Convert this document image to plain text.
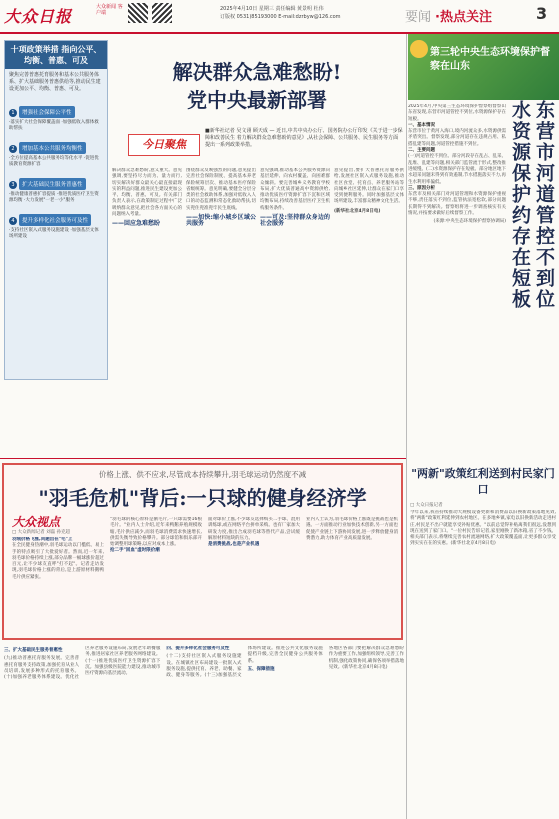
大众日报	大众新闻 客户端
2025年4月10日 星期三 责任编辑 黄景明 杜伟
订版权 0531)85193000 E-mail:dzrbyw@126.com	要闻 ·热点关注	3
十项政策举措 指向公平、均衡、普惠、可及
聚焦完善普惠托育服务和基本公共服务体系、扩大基础服务普惠供给等,推动民生建设更加公平、均衡、普惠、可及。
1 增强社会保障公平性
·落实扩大社会保障覆盖面 ·加强低收入群体救助帮扶
2 增加基本公共服务均衡性
·全方位提高基本公共服务均等化水平 ·促进优质教育资源扩容
3 扩大基础民生服务普惠性
·推动健康普惠扩容提质 ·推进优质医疗卫生资源均衡 ·大力发展"一老一小"服务
4 提升多样化社会服务可及性
·支持社区嵌入式服务设施建设 ·加强基层文体场所建设
解决群众急难愁盼!
党中央最新部署
今日聚焦
■新华社记者 吴文诩 顾天成 — 近日,中共中央办公厅、国务院办公厅印发《关于进一步保障和改善民生 着力解决群众急难愁盼的意见》,从社会保障、公共服务、民生服务等方面提出一系列政策举措。
解决群众急难愁盼,意义重大。意见强调,要坚持尽力而为、量力而行,切实解决好群众最关心最直接最现实的利益问题,推进民生建设更加公平、均衡、普惠、可及。有关部门负责人表示,在政策制定过程中广泛吸纳群众意见,把社会各方面关心的问题纳入考量。
——回应急难愁盼
围绕群众反映强烈的问题,意见提出完善社会保险制度、提高基本养老保险统筹层次、推动基本医疗保险省级统筹。意见明确,要健全分层分类的社会救助体系,加强对低收入人口的动态监测和常态化救助帮扶,切实兜住兜准兜牢民生底线。
——加快:缩小城乡区域公共服务
意见强调,推动基本公共服务资源向基层延伸、向农村覆盖、向困难群众倾斜。要完善城乡义务教育学校布局,扩大优质普通高中资源供给,推动优质医疗资源扩容下沉和区域均衡布局,持续改善基层医疗卫生机构服务条件。
——可及:坚持群众身边的社会服务
意见提出,要扩大普惠托育服务供给,发展社区嵌入式服务设施,推动社区食堂、托育点、养老服务站等向城乡社区延伸,让群众在家门口享受到便利服务。同时加强基层文体场所建设,丰富群众精神文化生活。
(新华社北京4月8日电)
第三轮中央生态环境保护督察在山东
东营市河道管控不到位水资源保护约存在短板
2025年4月,中央第三生态环境保护督察组督察山东省发现,东营市河道管控不到位,水资源保护存在短板。
一、基本情况
东营市位于黄河入海口,境内河流众多,水资源供需矛盾突出。督察发现,部分河道存在违规占用、私搭乱建等问题,河道管控措施不到位。
二、主要问题
(一)河道管控不到位。部分河段存在乱占、乱采、乱堆、乱建等问题,相关部门监管流于形式,整改推进缓慢。(二)水资源保护存在短板。部分地区地下水超采问题未得到有效遏制,节水措施落实不力,再生水利用率偏低。
三、原因分析
东营市及相关部门对河道管理和水资源保护重视不够,责任落实不到位,监管执法宽松软,部分问题长期得不到解决。督察组将进一步调查核实有关情况,并按要求做好后续督察工作。
(来源:中央生态环境保护督察协调局)
价格上涨、供不应求,尽管成本持续攀升,羽毛球运动仍然度不减
"羽毛危机"背后:一只球的健身经济学
大众视点
□ 大众新闻记者 刘磊 孙克超
羽绒价格飞涨,问题出在"毛"上
在全民健身热潮中,羽毛球运动以门槛低、易上手的特点吸引了大批爱好者。然而,近一年来,羽毛球价格持续上涨,部分品牌一桶球涨价超过百元,让不少球友直呼"打不起"。记者走访发现,羽毛球价格上涨的背后,是上游原材料鹅鸭毛片供应紧张。
"羽毛球的核心原料是鹅毛片,一只球需要16根毛片。"业内人士介绍,近年来鸭鹅养殖规模收缩,毛片供应减少,而羽毛球消费需求快速增长,供需失衡导致价格攀升。部分球馆和俱乐部开始调整用球策略,以应对成本上涨。
抢二手"回血"虚时限价潮
面对球价上涨,不少球友选择购买二手球、混用训练球,或在网络平台拼单采购。也有厂家加大研发力度,推出合成羽毛球等替代产品,尝试缓解原材料短缺的压力。
是消费挑战,也是产业机遇
业内人士认为,羽毛球价格上涨既是挑战也是机遇。一方面推动行业加快技术创新,另一方面也促使产业链上下游协同发展,进一步释放健身消费潜力,助力体育产业高质量发展。
"两新"政策红利送到村民家门口
□ 大众日报记者
今年以来,我省持续推动大规模设备更新和消费品以旧换新政策落地见效,将"两新"政策红利延伸到农村地区。在多地乡镇,家电以旧换新活动走进村庄,村民足不出户就能享受补贴优惠。"以前总觉得补贴离我们很远,没想到现在送到了家门口。"一位村民告诉记者,家里刚换了新冰箱,省了不少钱。相关部门表示,将继续完善农村流通网络,扩大政策覆盖面,让更多群众享受到实实在在的实惠。(新华社北京4月8日电)
三、扩大基础民生服务普惠性
(九)推动普惠托育服务发展。完善普惠托育服务支持政策,加强托育从业人员培训,发展多种形式的托育服务。(十)加强养老服务体系建设。优化社区养老服务设施布局,发展老年助餐服务,推进居家社区养老服务网络建设。(十一)推进优质医疗卫生资源扩容下沉。加强县级医院能力建设,推动城市医疗资源向基层流动。
四、提升多样化社会服务可及性
(十二)支持社区嵌入式服务设施建设。在城镇社区布局建设一批嵌入式服务设施,提供托育、养老、助餐、家政、健身等服务。(十三)加强基层文体场所建设。推进公共文化服务设施提档升级,完善全民健身公共服务体系。
五、保障措施
各地区各部门要把解决群众急难愁盼作为重要工作,加强组织领导,完善工作机制,强化政策协同,确保各项举措落地见效。(新华社北京4月8日电)
